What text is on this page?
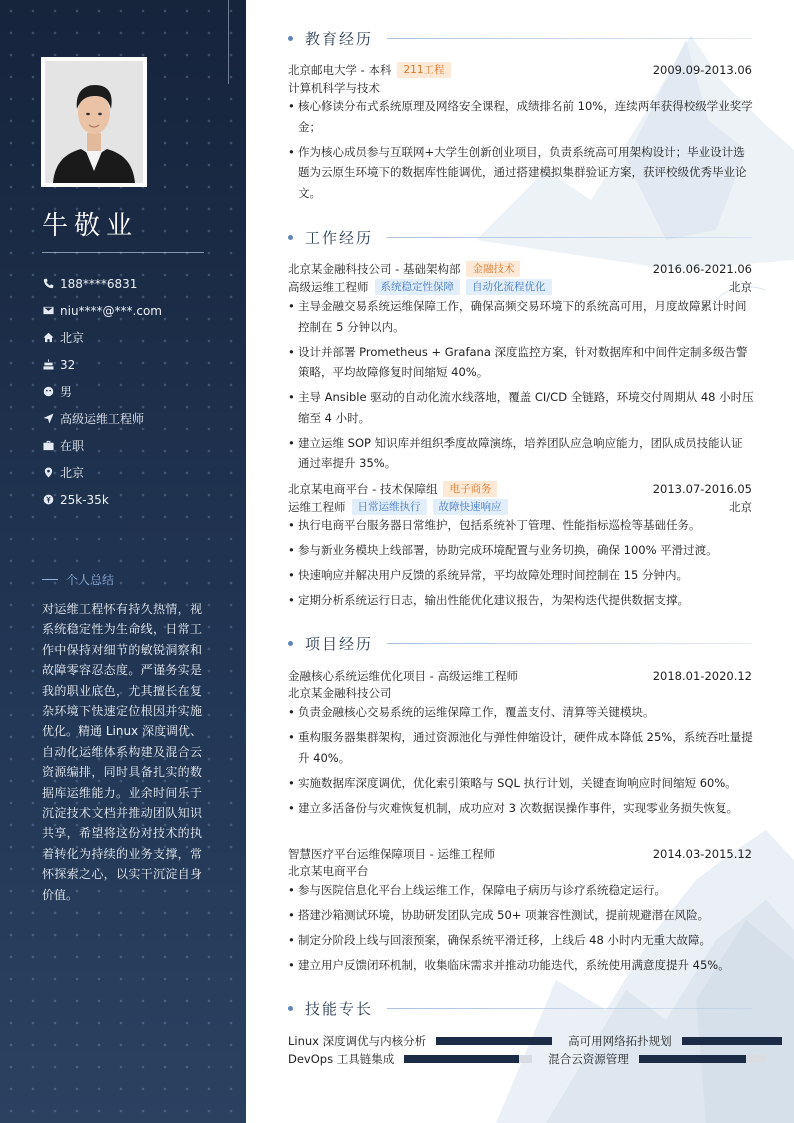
牛敬业
188****6831
niu****@***.com
北京
32
男
高级运维工程师
在职
北京
25k-35k
个人总结
对运维工程怀有持久热情，视系统稳定性为生命线，日常工作中保持对细节的敏锐洞察和故障零容忍态度。严谨务实是我的职业底色，尤其擅长在复杂环境下快速定位根因并实施优化。精通 Linux 深度调优、自动化运维体系构建及混合云资源编排，同时具备扎实的数据库运维能力。业余时间乐于沉淀技术文档并推动团队知识共享，希望将这份对技术的执着转化为持续的业务支撑，常怀探索之心，以实干沉淀自身价值。
教育经历
北京邮电大学 - 本科	211工程	2009.09-2013.06
计算机科学与技术
• 核心修读分布式系统原理及网络安全课程，成绩排名前 10%，连续两年获得校级学业奖学金；
• 作为核心成员参与互联网+大学生创新创业项目，负责系统高可用架构设计；毕业设计选题为云原生环境下的数据库性能调优，通过搭建模拟集群验证方案，获评校级优秀毕业论文。
工作经历
北京某金融科技公司 - 基础架构部	金融技术	2016.06-2021.06
高级运维工程师	系统稳定性保障	自动化流程优化	北京
• 主导金融交易系统运维保障工作，确保高频交易环境下的系统高可用，月度故障累计时间控制在 5 分钟以内。
• 设计并部署 Prometheus + Grafana 深度监控方案，针对数据库和中间件定制多级告警策略，平均故障修复时间缩短 40%。
• 主导 Ansible 驱动的自动化流水线落地，覆盖 CI/CD 全链路，环境交付周期从 48 小时压缩至 4 小时。
• 建立运维 SOP 知识库并组织季度故障演练，培养团队应急响应能力，团队成员技能认证通过率提升 35%。
北京某电商平台 - 技术保障组	电子商务	2013.07-2016.05
运维工程师	日常运维执行	故障快速响应	北京
• 执行电商平台服务器日常维护，包括系统补丁管理、性能指标巡检等基础任务。
• 参与新业务模块上线部署，协助完成环境配置与业务切换，确保 100% 平滑过渡。
• 快速响应并解决用户反馈的系统异常，平均故障处理时间控制在 15 分钟内。
• 定期分析系统运行日志，输出性能优化建议报告，为架构迭代提供数据支撑。
项目经历
金融核心系统运维优化项目 - 高级运维工程师	2018.01-2020.12
北京某金融科技公司
• 负责金融核心交易系统的运维保障工作，覆盖支付、清算等关键模块。
• 重构服务器集群架构，通过资源池化与弹性伸缩设计，硬件成本降低 25%，系统吞吐量提升 40%。
• 实施数据库深度调优，优化索引策略与 SQL 执行计划，关键查询响应时间缩短 60%。
• 建立多活备份与灾难恢复机制，成功应对 3 次数据误操作事件，实现零业务损失恢复。
智慧医疗平台运维保障项目 - 运维工程师	2014.03-2015.12
北京某电商平台
• 参与医院信息化平台上线运维工作，保障电子病历与诊疗系统稳定运行。
• 搭建沙箱测试环境，协助研发团队完成 50+ 项兼容性测试，提前规避潜在风险。
• 制定分阶段上线与回滚预案，确保系统平滑迁移，上线后 48 小时内无重大故障。
• 建立用户反馈闭环机制，收集临床需求并推动功能迭代，系统使用满意度提升 45%。
技能专长
Linux 深度调优与内核分析	高可用网络拓扑规划
DevOps 工具链集成	混合云资源管理
